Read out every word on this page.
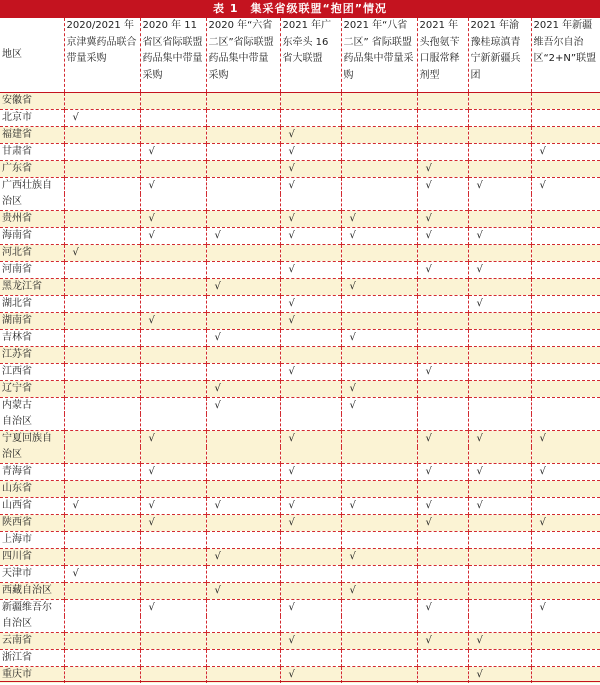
表 1　集采省级联盟“抱团”情况
地区	2020/2021 年京津冀药品联合带量采购	2020 年 11 省区省际联盟药品集中带量采购	2020 年“六省二区”省际联盟药品集中带量采购	2021 年广东牵头 16 省大联盟	2021 年“八省二区” 省际联盟药品集中带量采购	2021 年头孢氨苄口服常释剂型	2021 年渝豫桂琼滇青宁新新疆兵团	2021 年新疆维吾尔自治区“2+N”联盟
安徽省								
北京市	√							
福建省				√				
甘肃省		√		√				√
广东省				√		√		
广西壮族自		√		√		√	√	√
治区								
贵州省		√		√	√	√		
海南省		√	√	√	√	√	√	
河北省	√							
河南省				√		√	√	
黑龙江省			√		√			
湖北省				√			√	
湖南省		√		√				
吉林省			√		√			
江苏省								
江西省				√		√		
辽宁省			√		√			
内蒙古			√		√			
自治区								
宁夏回族自		√		√		√	√	√
治区								
青海省		√		√		√	√	√
山东省								
山西省	√	√	√	√	√	√	√	
陕西省		√		√		√		√
上海市								
四川省			√		√			
天津市	√							
西藏自治区			√		√			
新疆维吾尔		√		√		√		√
自治区								
云南省				√		√	√	
浙江省								
重庆市				√			√	
